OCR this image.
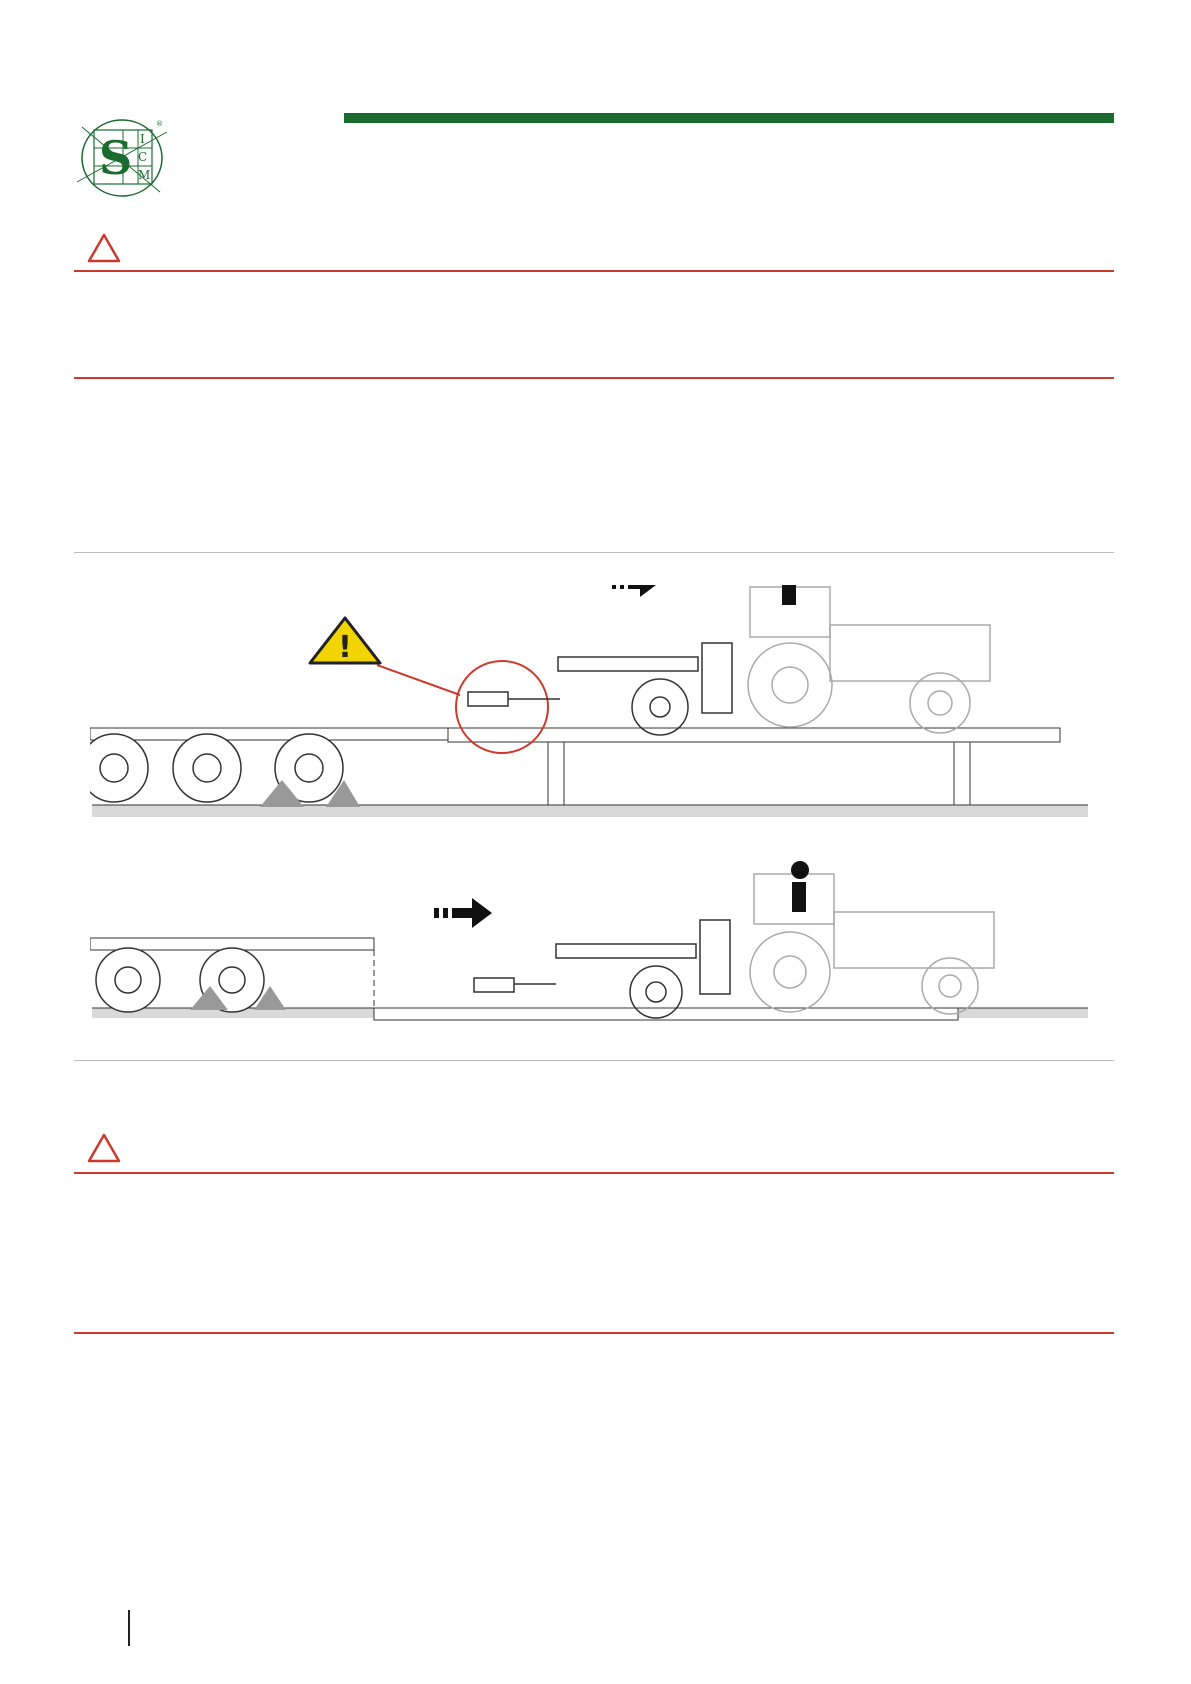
S I
C
M
®
!
